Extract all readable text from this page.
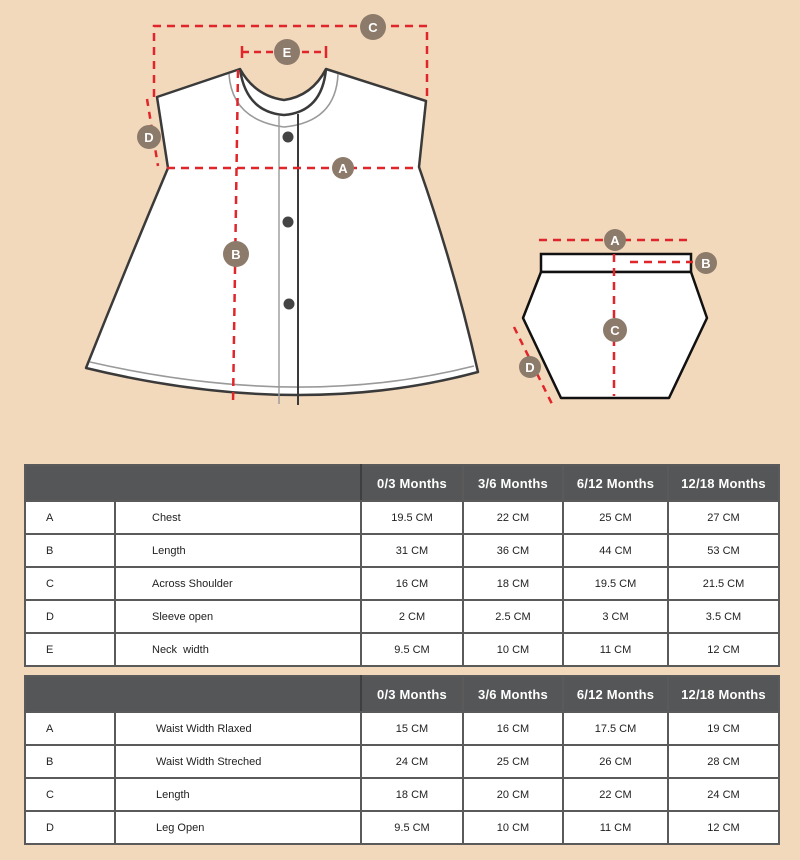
C
E
D
A
B
A
B
C
D
		0/3 Months	3/6 Months	6/12 Months	12/18 Months
A	Chest	19.5 CM	22 CM	25 CM	27 CM
B	Length	31 CM	36 CM	44 CM	53 CM
C	Across Shoulder	16 CM	18 CM	19.5 CM	21.5 CM
D	Sleeve open	2 CM	2.5 CM	3 CM	3.5 CM
E	Neck  width	9.5 CM	10 CM	11 CM	12 CM
		0/3 Months	3/6 Months	6/12 Months	12/18 Months
A	Waist Width Rlaxed	15 CM	16 CM	17.5 CM	19 CM
B	Waist Width Streched	24 CM	25 CM	26 CM	28 CM
C	Length	18 CM	20 CM	22 CM	24 CM
D	Leg Open	9.5 CM	10 CM	11 CM	12 CM
